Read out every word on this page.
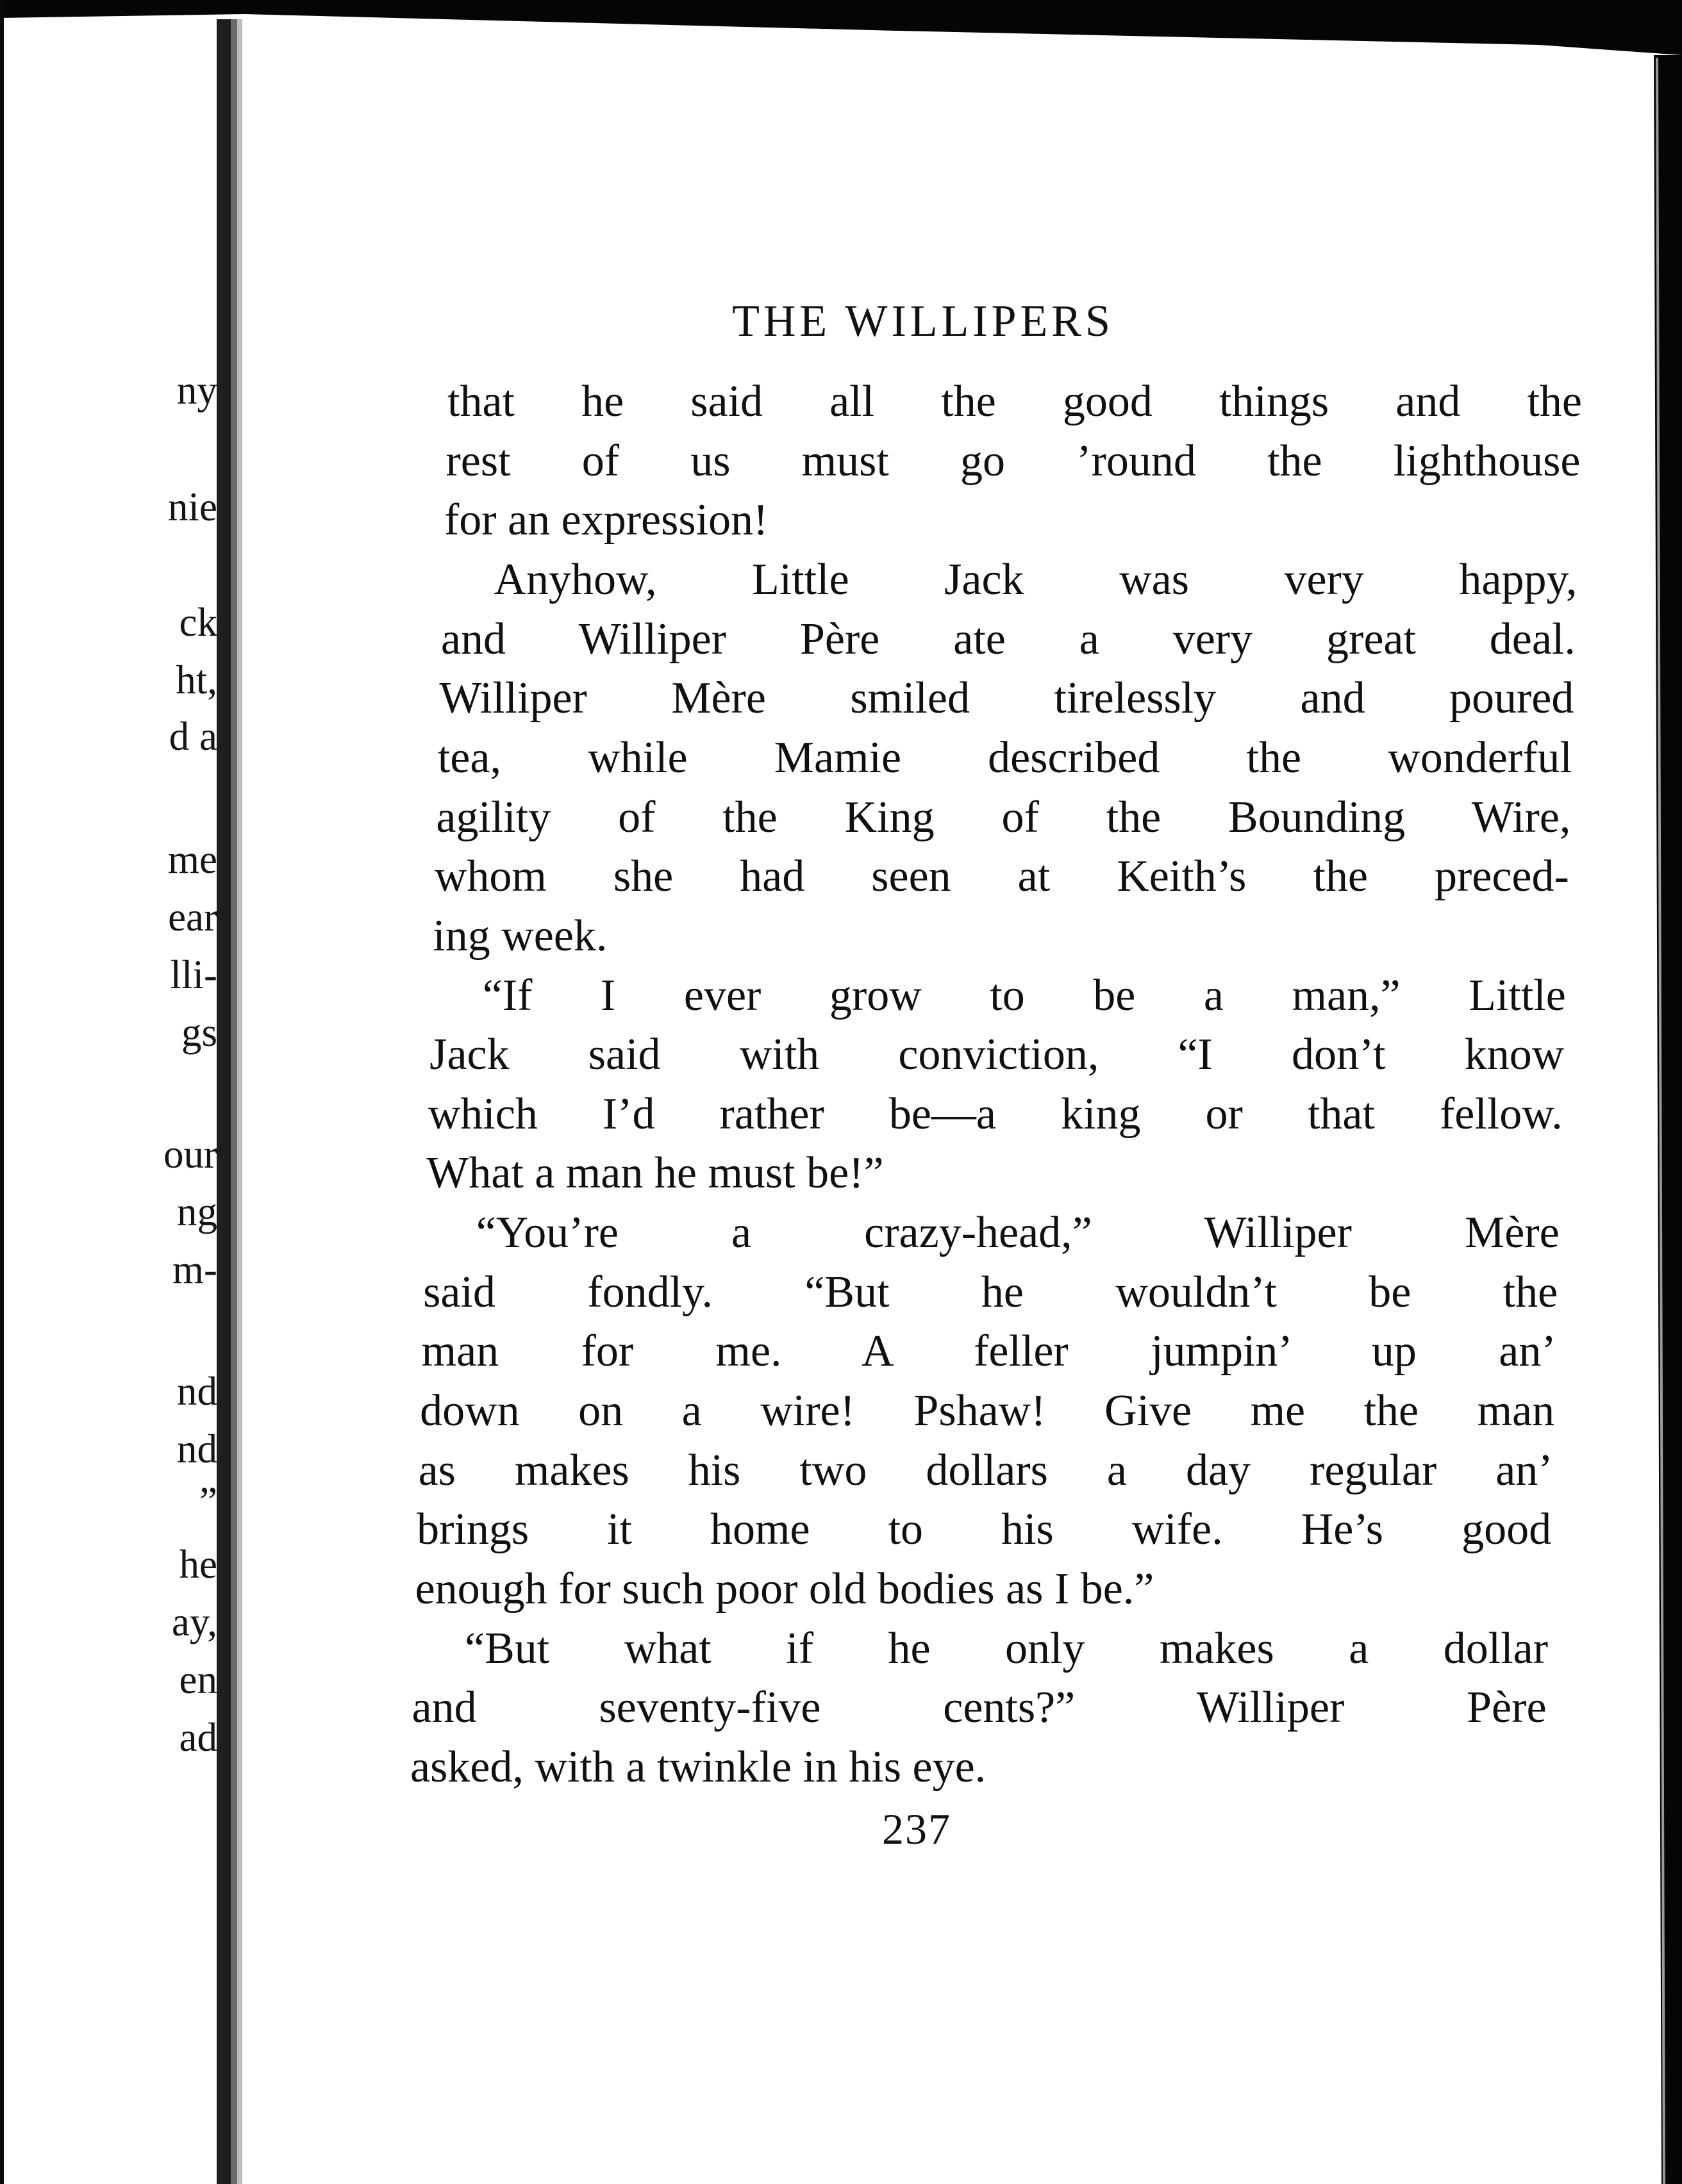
ny
nie
ck
ht,
d a
me
ear
lli-
gs
our
ng
m-
nd
nd
”
he
ay,
en
ad
THE WILLIPERS
that he said all the good things and the
rest of us must go ’round the lighthouse
for an expression!
Anyhow, Little Jack was very happy,
and Williper Père ate a very great deal.
Williper Mère smiled tirelessly and poured
tea, while Mamie described the wonderful
agility of the King of the Bounding Wire,
whom she had seen at Keith’s the preced-
ing week.
“If I ever grow to be a man,” Little
Jack said with conviction, “I don’t know
which I’d rather be—a king or that fellow.
What a man he must be!”
“You’re a crazy-head,” Williper Mère
said fondly. “But he wouldn’t be the
man for me. A feller jumpin’ up an’
down on a wire! Pshaw! Give me the man
as makes his two dollars a day regular an’
brings it home to his wife. He’s good
enough for such poor old bodies as I be.”
“But what if he only makes a dollar
and seventy-five cents?” Williper Père
asked, with a twinkle in his eye.
237
